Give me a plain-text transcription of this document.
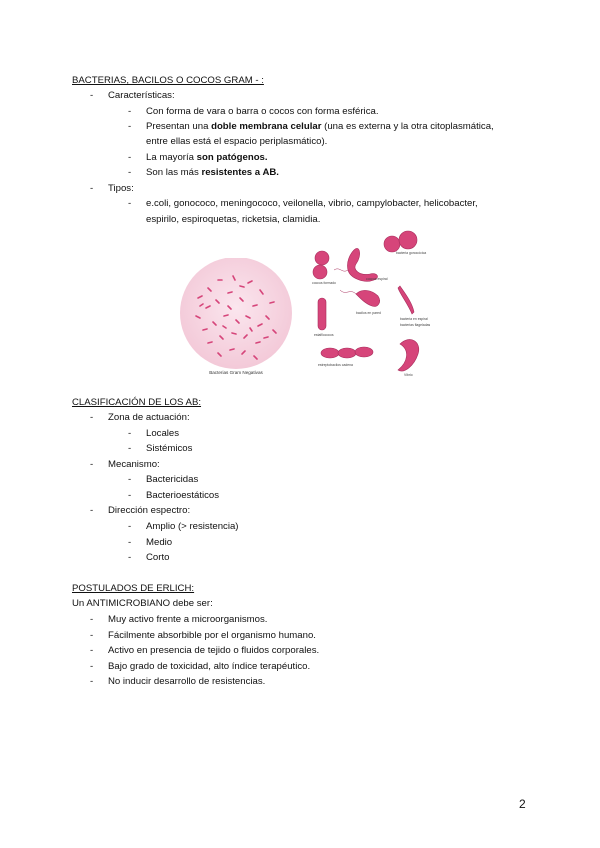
BACTERIAS, BACILOS O COCOS GRAM - :
- Características:
- Con forma de vara o barra o cocos con forma esférica.
- Presentan una doble membrana celular (una es externa y la otra citoplasmática,
entre ellas está el espacio periplasmático).
- La mayoría son patógenos.
- Son las más resistentes a AB.
- Tipos:
- e.coli, gonococo, meningococo, veilonella, vibrio, campylobacter, helicobacter,
espirilo, espiroquetas, ricketsia, clamidia.
Bacterias Gram Negativas
bacteria gonocócica
coccus formado
coccus espiral
bacteria en espiral
bacilos en pared
bacterias flageladas
estafilococos
estreptobacilos cadena
Vibrio
CLASIFICACIÓN DE LOS AB:
- Zona de actuación:
- Locales
- Sistémicos
- Mecanismo:
- Bactericidas
- Bacterioestáticos
- Dirección espectro:
- Amplio (> resistencia)
- Medio
- Corto
POSTULADOS DE ERLICH:
Un ANTIMICROBIANO debe ser:
- Muy activo frente a microorganismos.
- Fácilmente absorbible por el organismo humano.
- Activo en presencia de tejido o fluidos corporales.
- Bajo grado de toxicidad, alto índice terapéutico.
- No inducir desarrollo de resistencias.
2
